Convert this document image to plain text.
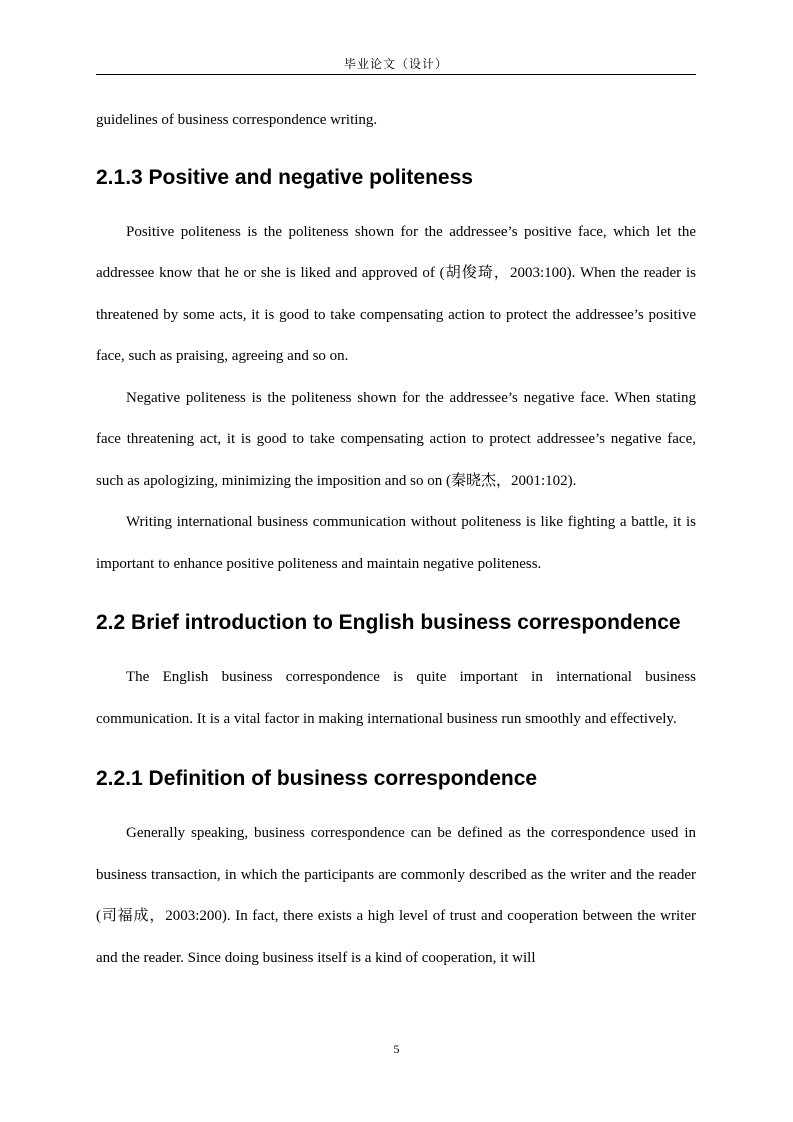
毕业论文（设计）

guidelines of business correspondence writing.

2.1.3 Positive and negative politeness

Positive politeness is the politeness shown for the addressee’s positive face, which let the addressee know that he or she is liked and approved of (胡俊琦，2003:100). When the reader is threatened by some acts, it is good to take compensating action to protect the addressee’s positive face, such as praising, agreeing and so on.

Negative politeness is the politeness shown for the addressee’s negative face. When stating face threatening act, it is good to take compensating action to protect addressee’s negative face, such as apologizing, minimizing the imposition and so on (秦晓杰，2001:102).

Writing international business communication without politeness is like fighting a battle, it is important to enhance positive politeness and maintain negative politeness.

2.2 Brief introduction to English business correspondence

The English business correspondence is quite important in international business communication. It is a vital factor in making international business run smoothly and effectively.

2.2.1 Definition of business correspondence

Generally speaking, business correspondence can be defined as the correspondence used in business transaction, in which the participants are commonly described as the writer and the reader (司福成，2003:200). In fact, there exists a high level of trust and cooperation between the writer and the reader. Since doing business itself is a kind of cooperation, it will

5
